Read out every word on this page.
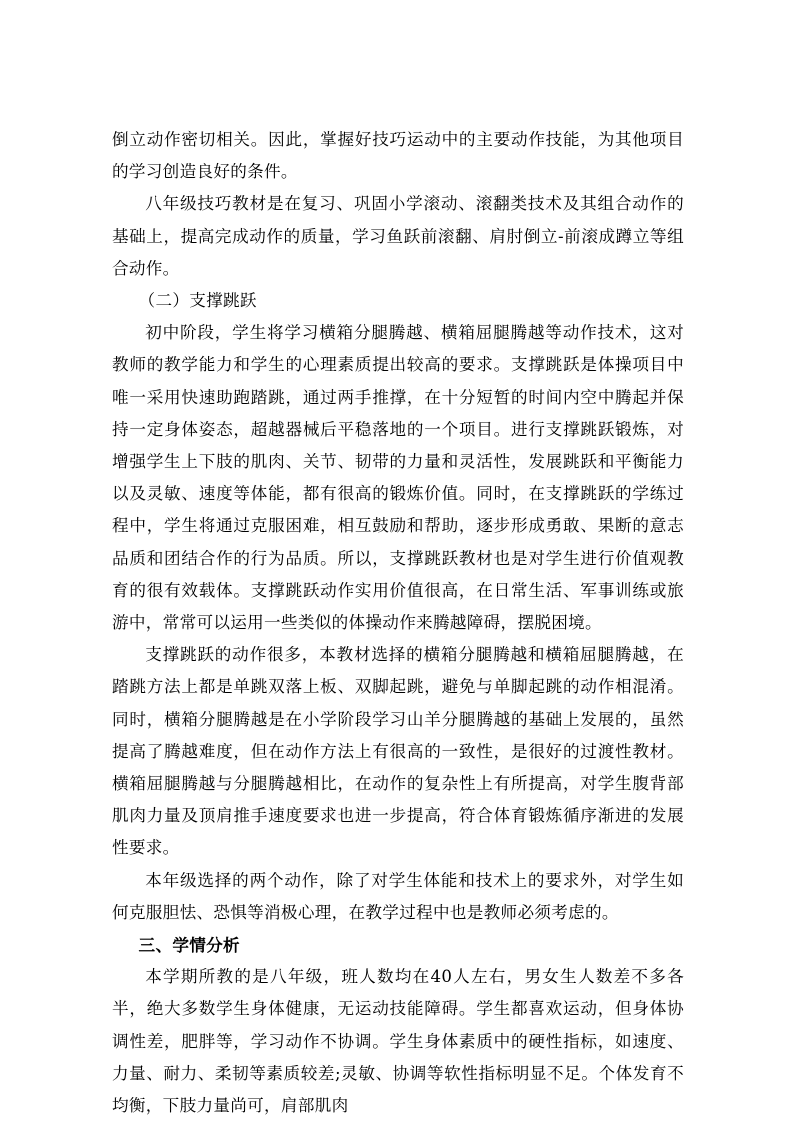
倒立动作密切相关。因此，掌握好技巧运动中的主要动作技能，为其他项目的学习创造良好的条件。

八年级技巧教材是在复习、巩固小学滚动、滚翻类技术及其组合动作的基础上，提高完成动作的质量，学习鱼跃前滚翻、肩肘倒立-前滚成蹲立等组合动作。

（二）支撑跳跃

初中阶段，学生将学习横箱分腿腾越、横箱屈腿腾越等动作技术，这对教师的教学能力和学生的心理素质提出较高的要求。支撑跳跃是体操项目中唯一采用快速助跑踏跳，通过两手推撑，在十分短暂的时间内空中腾起并保持一定身体姿态，超越器械后平稳落地的一个项目。进行支撑跳跃锻炼，对增强学生上下肢的肌肉、关节、韧带的力量和灵活性，发展跳跃和平衡能力以及灵敏、速度等体能，都有很高的锻炼价值。同时，在支撑跳跃的学练过程中，学生将通过克服困难，相互鼓励和帮助，逐步形成勇敢、果断的意志品质和团结合作的行为品质。所以，支撑跳跃教材也是对学生进行价值观教育的很有效载体。支撑跳跃动作实用价值很高，在日常生活、军事训练或旅游中，常常可以运用一些类似的体操动作来腾越障碍，摆脱困境。

支撑跳跃的动作很多，本教材选择的横箱分腿腾越和横箱屈腿腾越，在踏跳方法上都是单跳双落上板、双脚起跳，避免与单脚起跳的动作相混淆。同时，横箱分腿腾越是在小学阶段学习山羊分腿腾越的基础上发展的，虽然提高了腾越难度，但在动作方法上有很高的一致性，是很好的过渡性教材。横箱屈腿腾越与分腿腾越相比，在动作的复杂性上有所提高，对学生腹背部肌肉力量及顶肩推手速度要求也进一步提高，符合体育锻炼循序渐进的发展性要求。

本年级选择的两个动作，除了对学生体能和技术上的要求外，对学生如何克服胆怯、恐惧等消极心理，在教学过程中也是教师必须考虑的。

三、学情分析

本学期所教的是八年级，班人数均在40人左右，男女生人数差不多各半，绝大多数学生身体健康，无运动技能障碍。学生都喜欢运动，但身体协调性差，肥胖等，学习动作不协调。学生身体素质中的硬性指标，如速度、力量、耐力、柔韧等素质较差;灵敏、协调等软性指标明显不足。个体发育不均衡，下肢力量尚可，肩部肌肉
